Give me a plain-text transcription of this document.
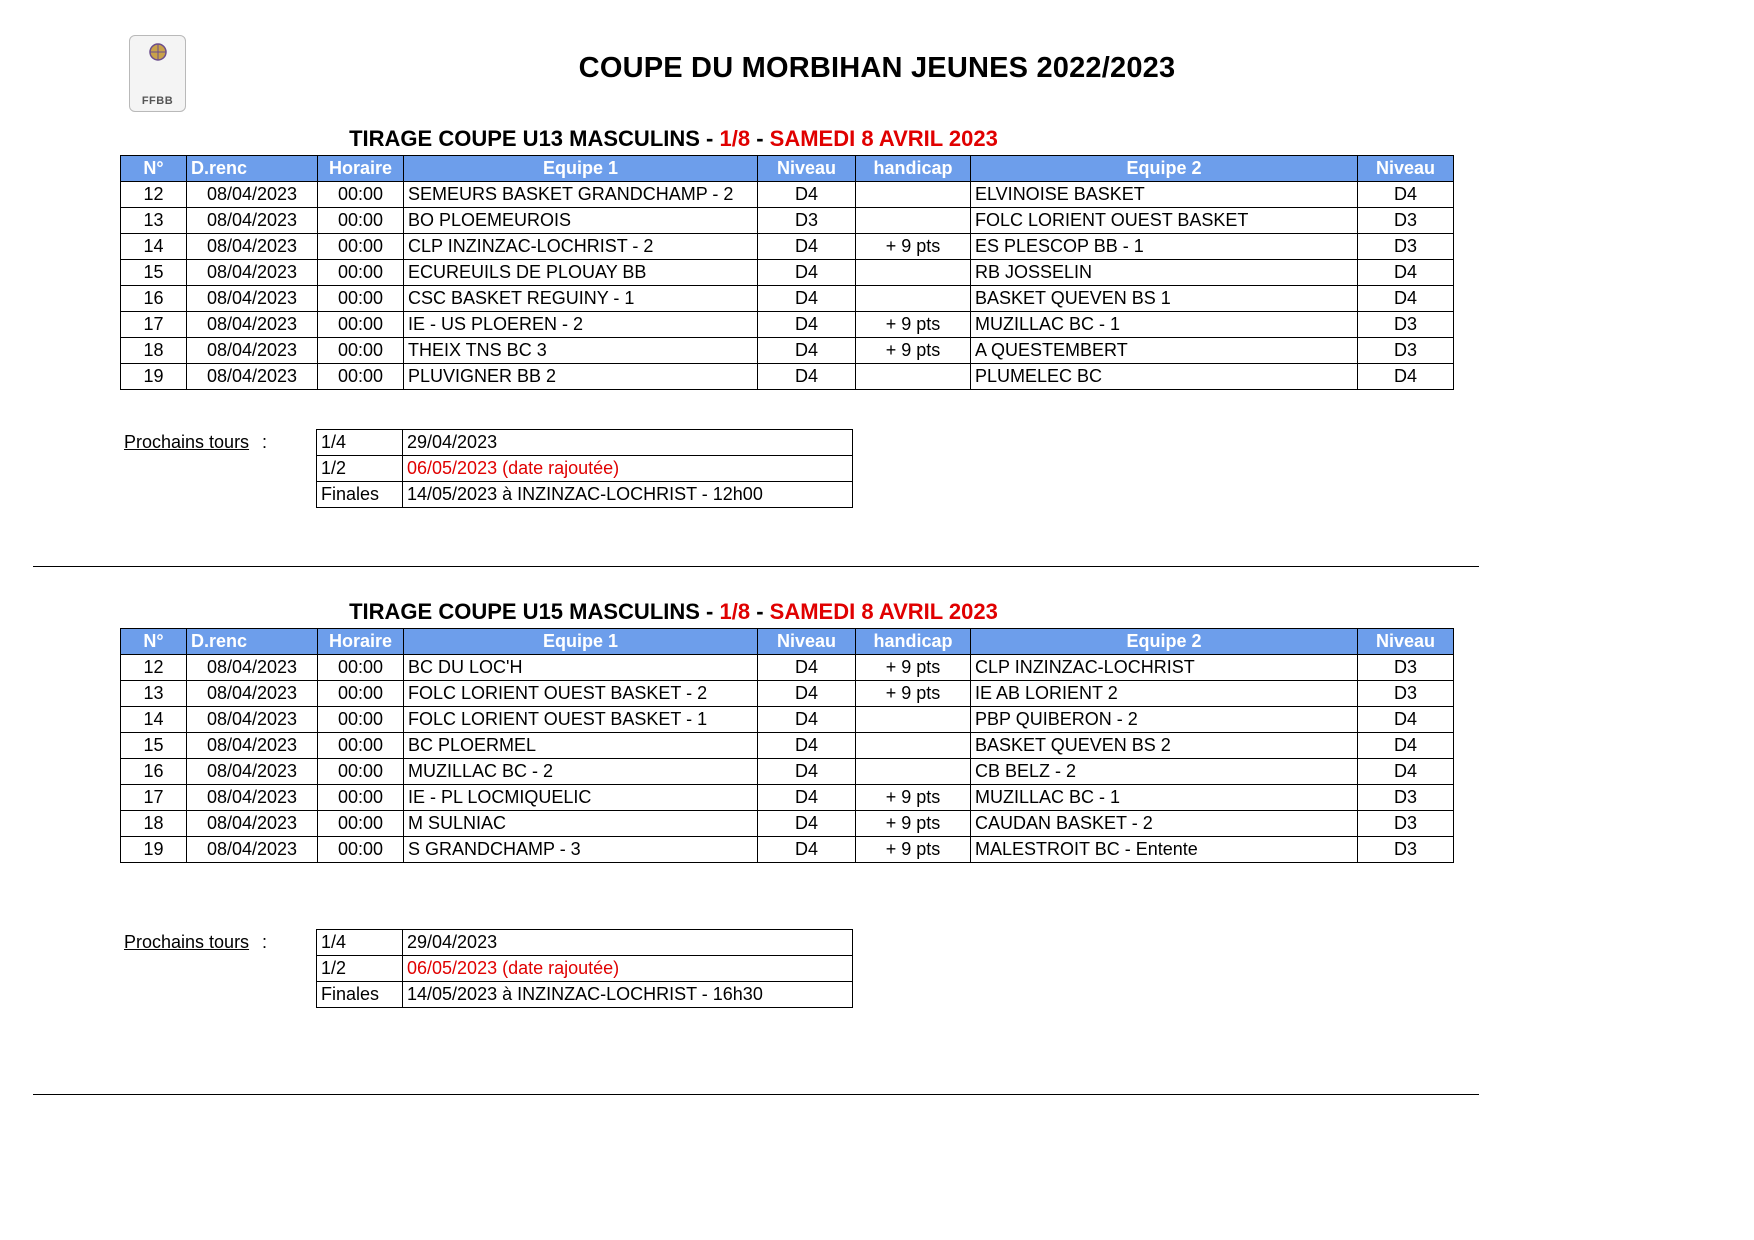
FFBB
COUPE DU MORBIHAN JEUNES 2022/2023
TIRAGE COUPE U13 MASCULINS - 1/8 - SAMEDI 8 AVRIL 2023
N°	D.renc	Horaire	Equipe 1	Niveau	handicap	Equipe 2	Niveau
12	08/04/2023	00:00	SEMEURS BASKET GRANDCHAMP - 2	D4		ELVINOISE BASKET	D4
13	08/04/2023	00:00	BO PLOEMEUROIS	D3		FOLC LORIENT OUEST BASKET	D3
14	08/04/2023	00:00	CLP INZINZAC-LOCHRIST - 2	D4	+ 9 pts	ES PLESCOP BB - 1	D3
15	08/04/2023	00:00	ECUREUILS DE PLOUAY BB	D4		RB JOSSELIN	D4
16	08/04/2023	00:00	CSC BASKET REGUINY - 1	D4		BASKET QUEVEN BS 1	D4
17	08/04/2023	00:00	IE - US PLOEREN - 2	D4	+ 9 pts	MUZILLAC BC - 1	D3
18	08/04/2023	00:00	THEIX TNS BC 3	D4	+ 9 pts	A QUESTEMBERT	D3
19	08/04/2023	00:00	PLUVIGNER BB 2	D4		PLUMELEC BC	D4
Prochains tours :	1/4	29/04/2023
1/2	06/05/2023 (date rajoutée)
Finales	14/05/2023 à INZINZAC-LOCHRIST - 12h00
TIRAGE COUPE U15 MASCULINS - 1/8 - SAMEDI 8 AVRIL 2023
N°	D.renc	Horaire	Equipe 1	Niveau	handicap	Equipe 2	Niveau
12	08/04/2023	00:00	BC DU LOC'H	D4	+ 9 pts	CLP INZINZAC-LOCHRIST	D3
13	08/04/2023	00:00	FOLC LORIENT OUEST BASKET - 2	D4	+ 9 pts	IE AB LORIENT 2	D3
14	08/04/2023	00:00	FOLC LORIENT OUEST BASKET - 1	D4		PBP QUIBERON - 2	D4
15	08/04/2023	00:00	BC PLOERMEL	D4		BASKET QUEVEN BS 2	D4
16	08/04/2023	00:00	MUZILLAC BC - 2	D4		CB BELZ - 2	D4
17	08/04/2023	00:00	IE - PL LOCMIQUELIC	D4	+ 9 pts	MUZILLAC BC - 1	D3
18	08/04/2023	00:00	M SULNIAC	D4	+ 9 pts	CAUDAN BASKET - 2	D3
19	08/04/2023	00:00	S GRANDCHAMP - 3	D4	+ 9 pts	MALESTROIT BC - Entente	D3
Prochains tours :	1/4	29/04/2023
1/2	06/05/2023 (date rajoutée)
Finales	14/05/2023 à INZINZAC-LOCHRIST - 16h30
